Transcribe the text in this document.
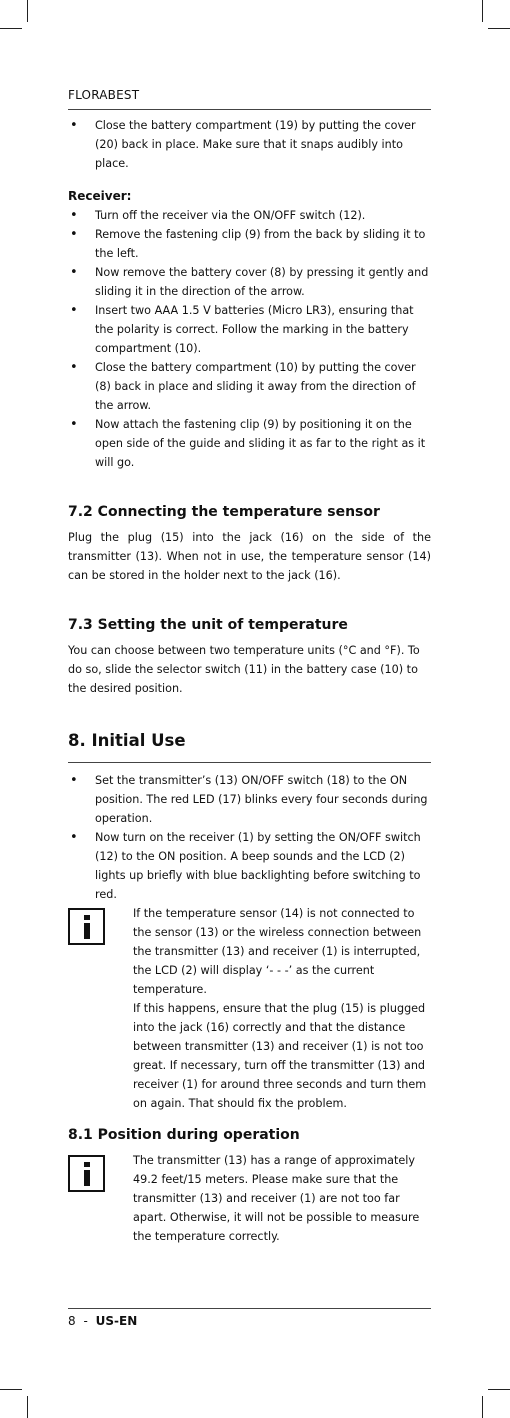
FLORABEST
• Close the battery compartment (19) by putting the cover (20) back in place. Make sure that it snaps audibly into place.
Receiver:
• Turn off the receiver via the ON/OFF switch (12).
• Remove the fastening clip (9) from the back by sliding it to the left.
• Now remove the battery cover (8) by pressing it gently and sliding it in the direction of the arrow.
• Insert two AAA 1.5 V batteries (Micro LR3), ensuring that the polarity is correct. Follow the marking in the battery compartment (10).
• Close the battery compartment (10) by putting the cover (8) back in place and sliding it away from the direction of the arrow.
• Now attach the fastening clip (9) by positioning it on the open side of the guide and sliding it as far to the right as it will go.
7.2 Connecting the temperature sensor

Plug the plug (15) into the jack (16) on the side of the transmitter (13). When not in use, the temperature sensor (14) can be stored in the holder next to the jack (16).

7.3 Setting the unit of temperature

You can choose between two temperature units (°C and °F). To do so, slide the selector switch (11) in the battery case (10) to the desired position.

8. Initial Use
• Set the transmitter’s (13) ON/OFF switch (18) to the ON position. The red LED (17) blinks every four seconds during operation.
• Now turn on the receiver (1) by setting the ON/OFF switch (12) to the ON position. A beep sounds and the LCD (2) lights up briefly with blue backlighting before switching to red.

If the temperature sensor (14) is not connected to the sensor (13) or the wireless connection between the transmitter (13) and receiver (1) is interrupted, the LCD (2) will display ‘- - -’ as the current temperature.

If this happens, ensure that the plug (15) is plugged into the jack (16) correctly and that the distance between transmitter (13) and receiver (1) is not too great. If necessary, turn off the transmitter (13) and receiver (1) for around three seconds and turn them on again. That should fix the problem.

8.1 Position during operation

The transmitter (13) has a range of approximately 49.2 feet/15 meters. Please make sure that the transmitter (13) and receiver (1) are not too far apart. Otherwise, it will not be possible to measure the temperature correctly.

8 - US-EN
